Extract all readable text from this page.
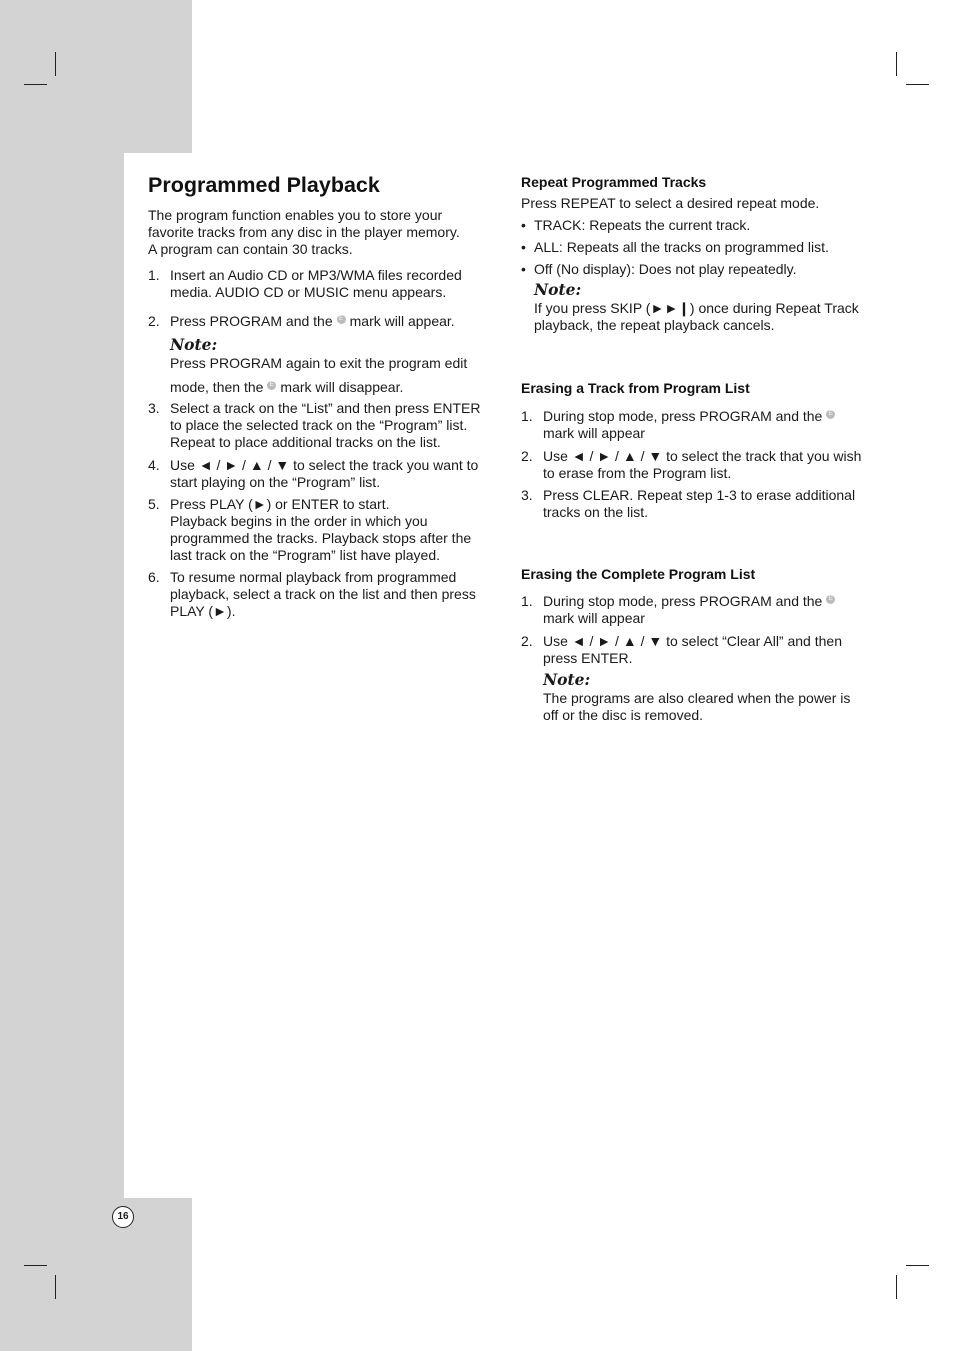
16
Programmed Playback

The program function enables you to store your

favorite tracks from any disc in the player memory.

A program can contain 30 tracks.

1. Insert an Audio CD or MP3/WMA files recorded

media. AUDIO CD or MUSIC menu appears.

2. Press PROGRAM and the E mark will appear.

Note:

Press PROGRAM again to exit the program edit

mode, then the E mark will disappear.

3. Select a track on the “List” and then press ENTER

to place the selected track on the “Program” list.

Repeat to place additional tracks on the list.

4. Use ◄ / ► / ▲ / ▼ to select the track you want to

start playing on the “Program” list.

5. Press PLAY (►) or ENTER to start.

Playback begins in the order in which you

programmed the tracks. Playback stops after the

last track on the “Program” list have played.

6. To resume normal playback from programmed

playback, select a track on the list and then press

PLAY (►).

Repeat Programmed Tracks

Press REPEAT to select a desired repeat mode.

• TRACK: Repeats the current track.
• ALL: Repeats all the tracks on programmed list.
• Off (No display): Does not play repeatedly.

Note:

If you press SKIP (►►❙) once during Repeat Track

playback, the repeat playback cancels.

Erasing a Track from Program List
1. During stop mode, press PROGRAM and the E

mark will appear

2. Use ◄ / ► / ▲ / ▼ to select the track that you wish

to erase from the Program list.

3. Press CLEAR. Repeat step 1-3 to erase additional

tracks on the list.

Erasing the Complete Program List
1. During stop mode, press PROGRAM and the E

mark will appear

2. Use ◄ / ► / ▲ / ▼ to select “Clear All” and then

press ENTER.

Note:

The programs are also cleared when the power is

off or the disc is removed.
